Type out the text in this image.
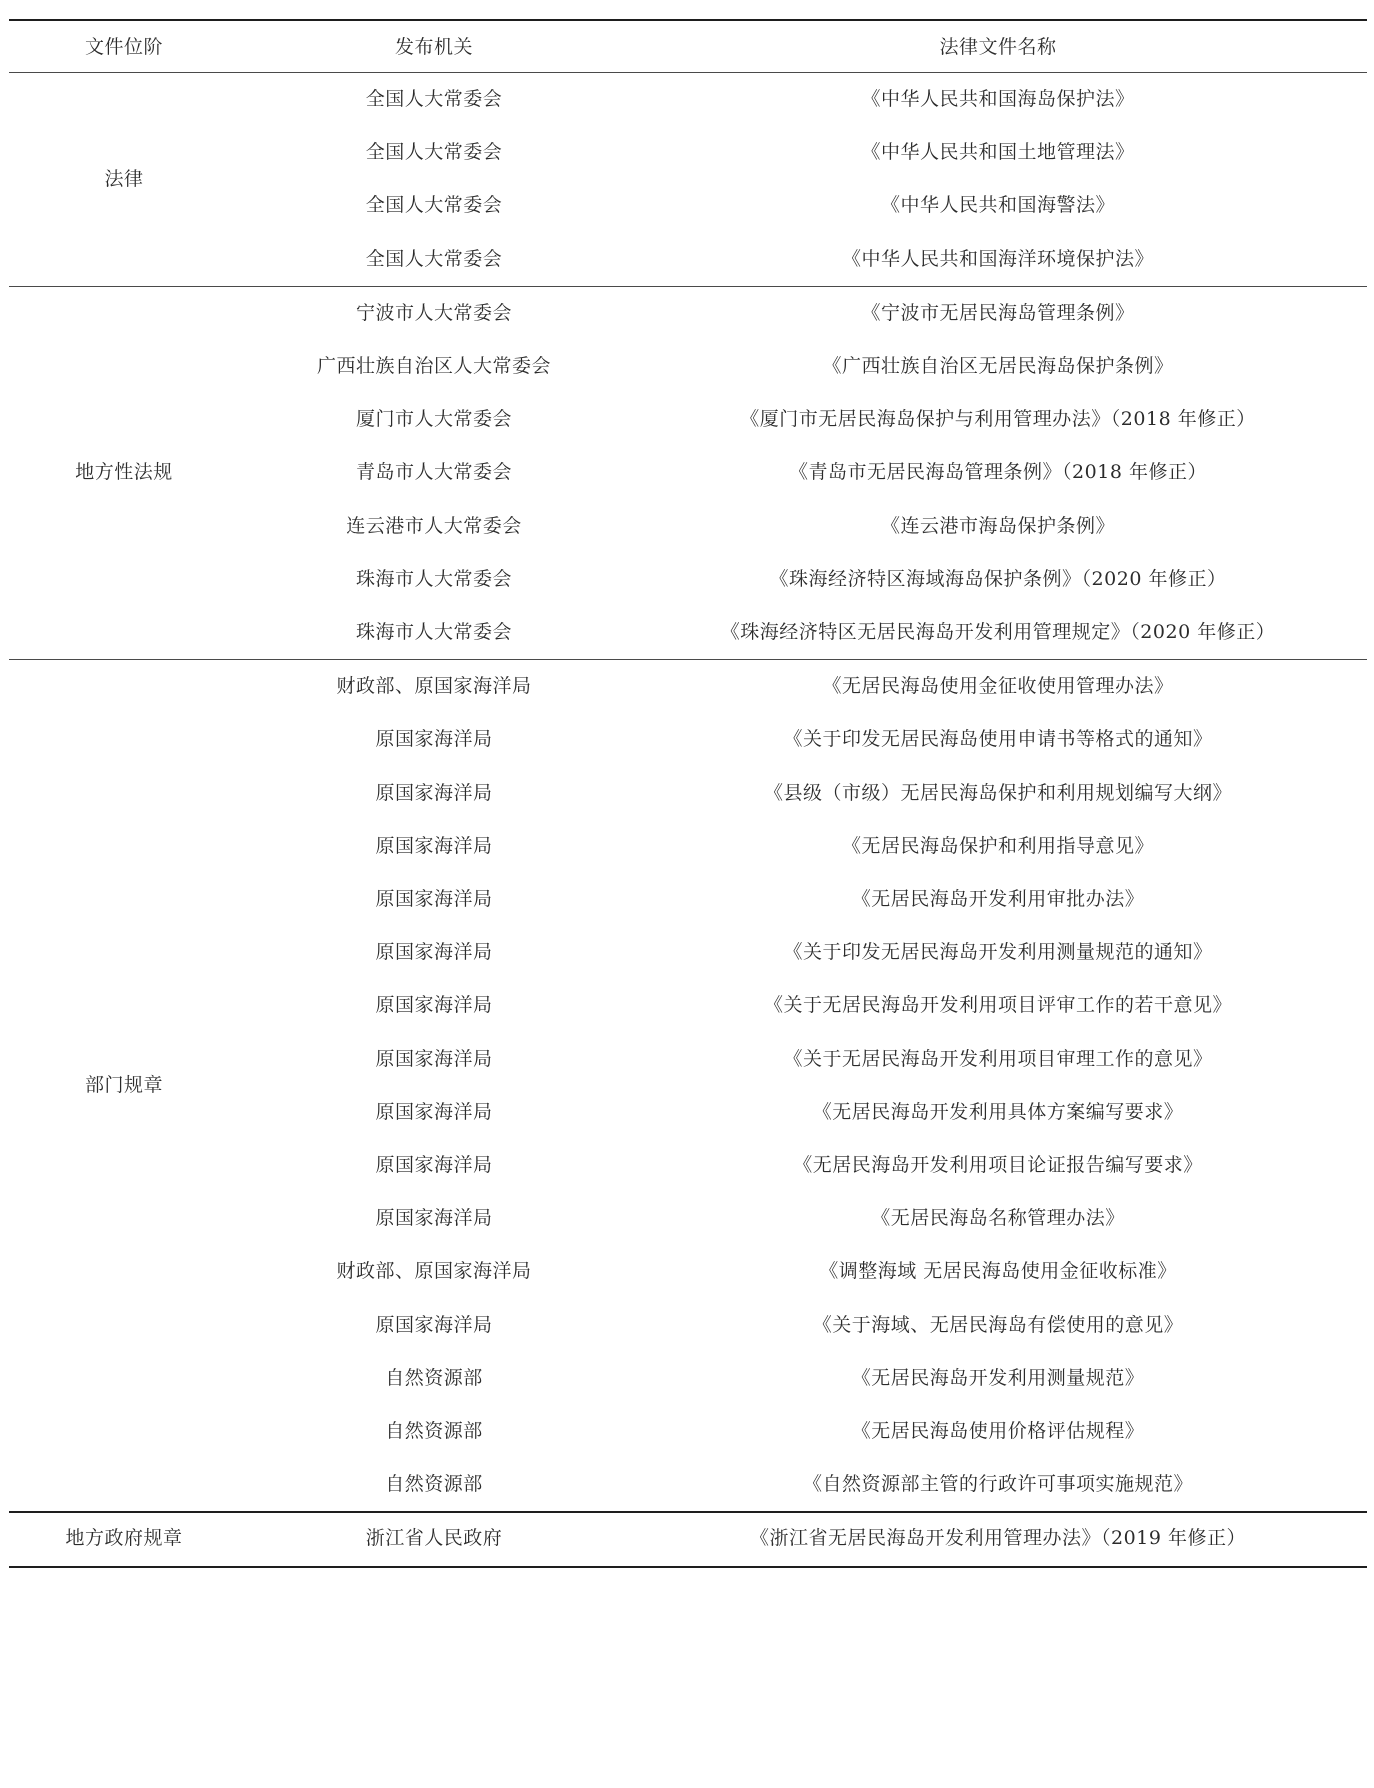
文件位阶	发布机关	法律文件名称
法律
全国人大常委会	《中华人民共和国海岛保护法》
全国人大常委会	《中华人民共和国土地管理法》
全国人大常委会	《中华人民共和国海警法》
全国人大常委会	《中华人民共和国海洋环境保护法》
地方性法规
宁波市人大常委会	《宁波市无居民海岛管理条例》
广西壮族自治区人大常委会	《广西壮族自治区无居民海岛保护条例》
厦门市人大常委会	《厦门市无居民海岛保护与利用管理办法》（2018 年修正）
青岛市人大常委会	《青岛市无居民海岛管理条例》（2018 年修正）
连云港市人大常委会	《连云港市海岛保护条例》
珠海市人大常委会	《珠海经济特区海域海岛保护条例》（2020 年修正）
珠海市人大常委会	《珠海经济特区无居民海岛开发利用管理规定》（2020 年修正）
部门规章
财政部、原国家海洋局	《无居民海岛使用金征收使用管理办法》
原国家海洋局	《关于印发无居民海岛使用申请书等格式的通知》
原国家海洋局	《县级（市级）无居民海岛保护和利用规划编写大纲》
原国家海洋局	《无居民海岛保护和利用指导意见》
原国家海洋局	《无居民海岛开发利用审批办法》
原国家海洋局	《关于印发无居民海岛开发利用测量规范的通知》
原国家海洋局	《关于无居民海岛开发利用项目评审工作的若干意见》
原国家海洋局	《关于无居民海岛开发利用项目审理工作的意见》
原国家海洋局	《无居民海岛开发利用具体方案编写要求》
原国家海洋局	《无居民海岛开发利用项目论证报告编写要求》
原国家海洋局	《无居民海岛名称管理办法》
财政部、原国家海洋局	《调整海域 无居民海岛使用金征收标准》
原国家海洋局	《关于海域、无居民海岛有偿使用的意见》
自然资源部	《无居民海岛开发利用测量规范》
自然资源部	《无居民海岛使用价格评估规程》
自然资源部	《自然资源部主管的行政许可事项实施规范》
地方政府规章	浙江省人民政府	《浙江省无居民海岛开发利用管理办法》（2019 年修正）
